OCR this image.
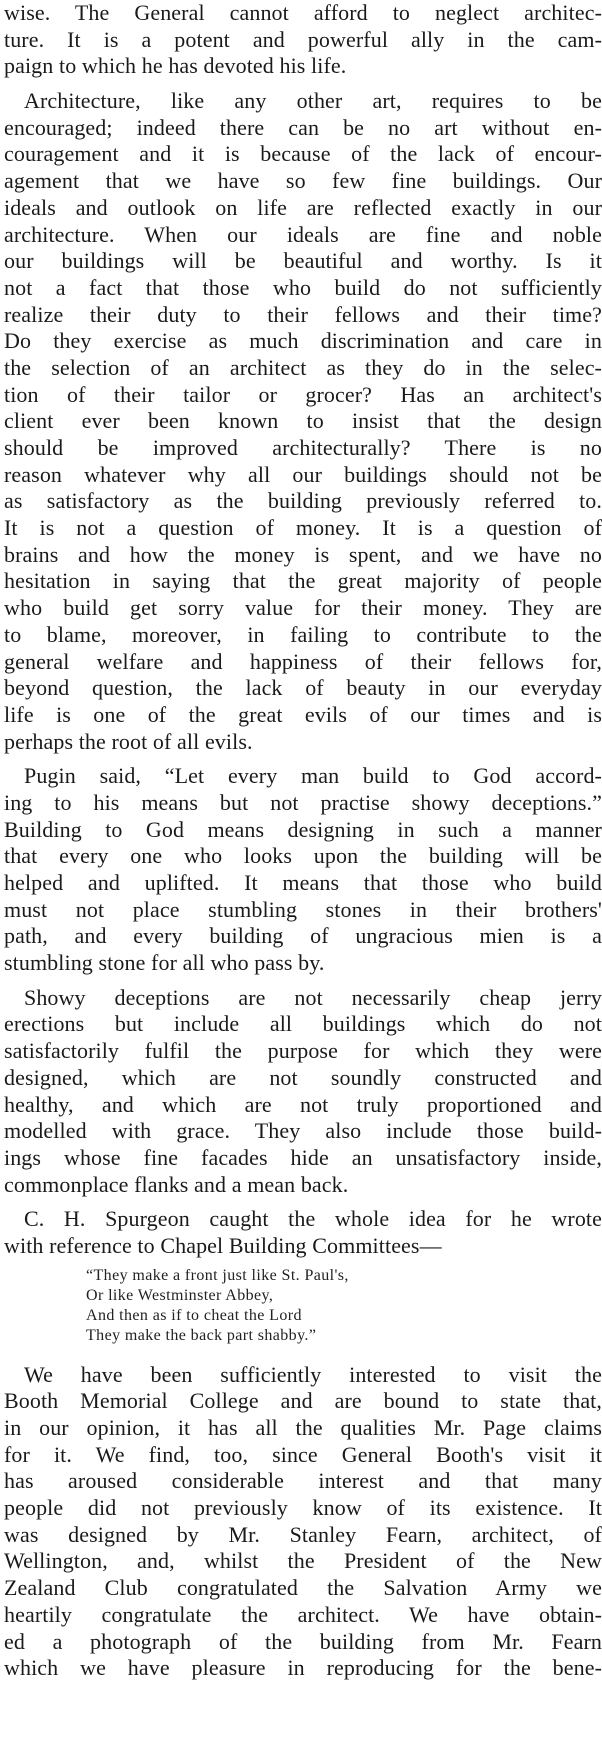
wise. The General cannot afford to neglect architec-
ture. It is a potent and powerful ally in the cam-
paign to which he has devoted his life.
Architecture, like any other art, requires to be
encouraged; indeed there can be no art without en-
couragement and it is because of the lack of encour-
agement that we have so few fine buildings. Our
ideals and outlook on life are reflected exactly in our
architecture. When our ideals are fine and noble
our buildings will be beautiful and worthy. Is it
not a fact that those who build do not sufficiently
realize their duty to their fellows and their time?
Do they exercise as much discrimination and care in
the selection of an architect as they do in the selec-
tion of their tailor or grocer? Has an architect's
client ever been known to insist that the design
should be improved architecturally? There is no
reason whatever why all our buildings should not be
as satisfactory as the building previously referred to.
It is not a question of money. It is a question of
brains and how the money is spent, and we have no
hesitation in saying that the great majority of people
who build get sorry value for their money. They are
to blame, moreover, in failing to contribute to the
general welfare and happiness of their fellows for,
beyond question, the lack of beauty in our everyday
life is one of the great evils of our times and is
perhaps the root of all evils.
Pugin said, “Let every man build to God accord-
ing to his means but not practise showy deceptions.”
Building to God means designing in such a manner
that every one who looks upon the building will be
helped and uplifted. It means that those who build
must not place stumbling stones in their brothers'
path, and every building of ungracious mien is a
stumbling stone for all who pass by.
Showy deceptions are not necessarily cheap jerry
erections but include all buildings which do not
satisfactorily fulfil the purpose for which they were
designed, which are not soundly constructed and
healthy, and which are not truly proportioned and
modelled with grace. They also include those build-
ings whose fine facades hide an unsatisfactory inside,
commonplace flanks and a mean back.
C. H. Spurgeon caught the whole idea for he wrote
with reference to Chapel Building Committees—
“They make a front just like St. Paul's,
Or like Westminster Abbey,
And then as if to cheat the Lord
They make the back part shabby.”
We have been sufficiently interested to visit the
Booth Memorial College and are bound to state that,
in our opinion, it has all the qualities Mr. Page claims
for it. We find, too, since General Booth's visit it
has aroused considerable interest and that many
people did not previously know of its existence. It
was designed by Mr. Stanley Fearn, architect, of
Wellington, and, whilst the President of the New
Zealand Club congratulated the Salvation Army we
heartily congratulate the architect. We have obtain-
ed a photograph of the building from Mr. Fearn
which we have pleasure in reproducing for the bene-
